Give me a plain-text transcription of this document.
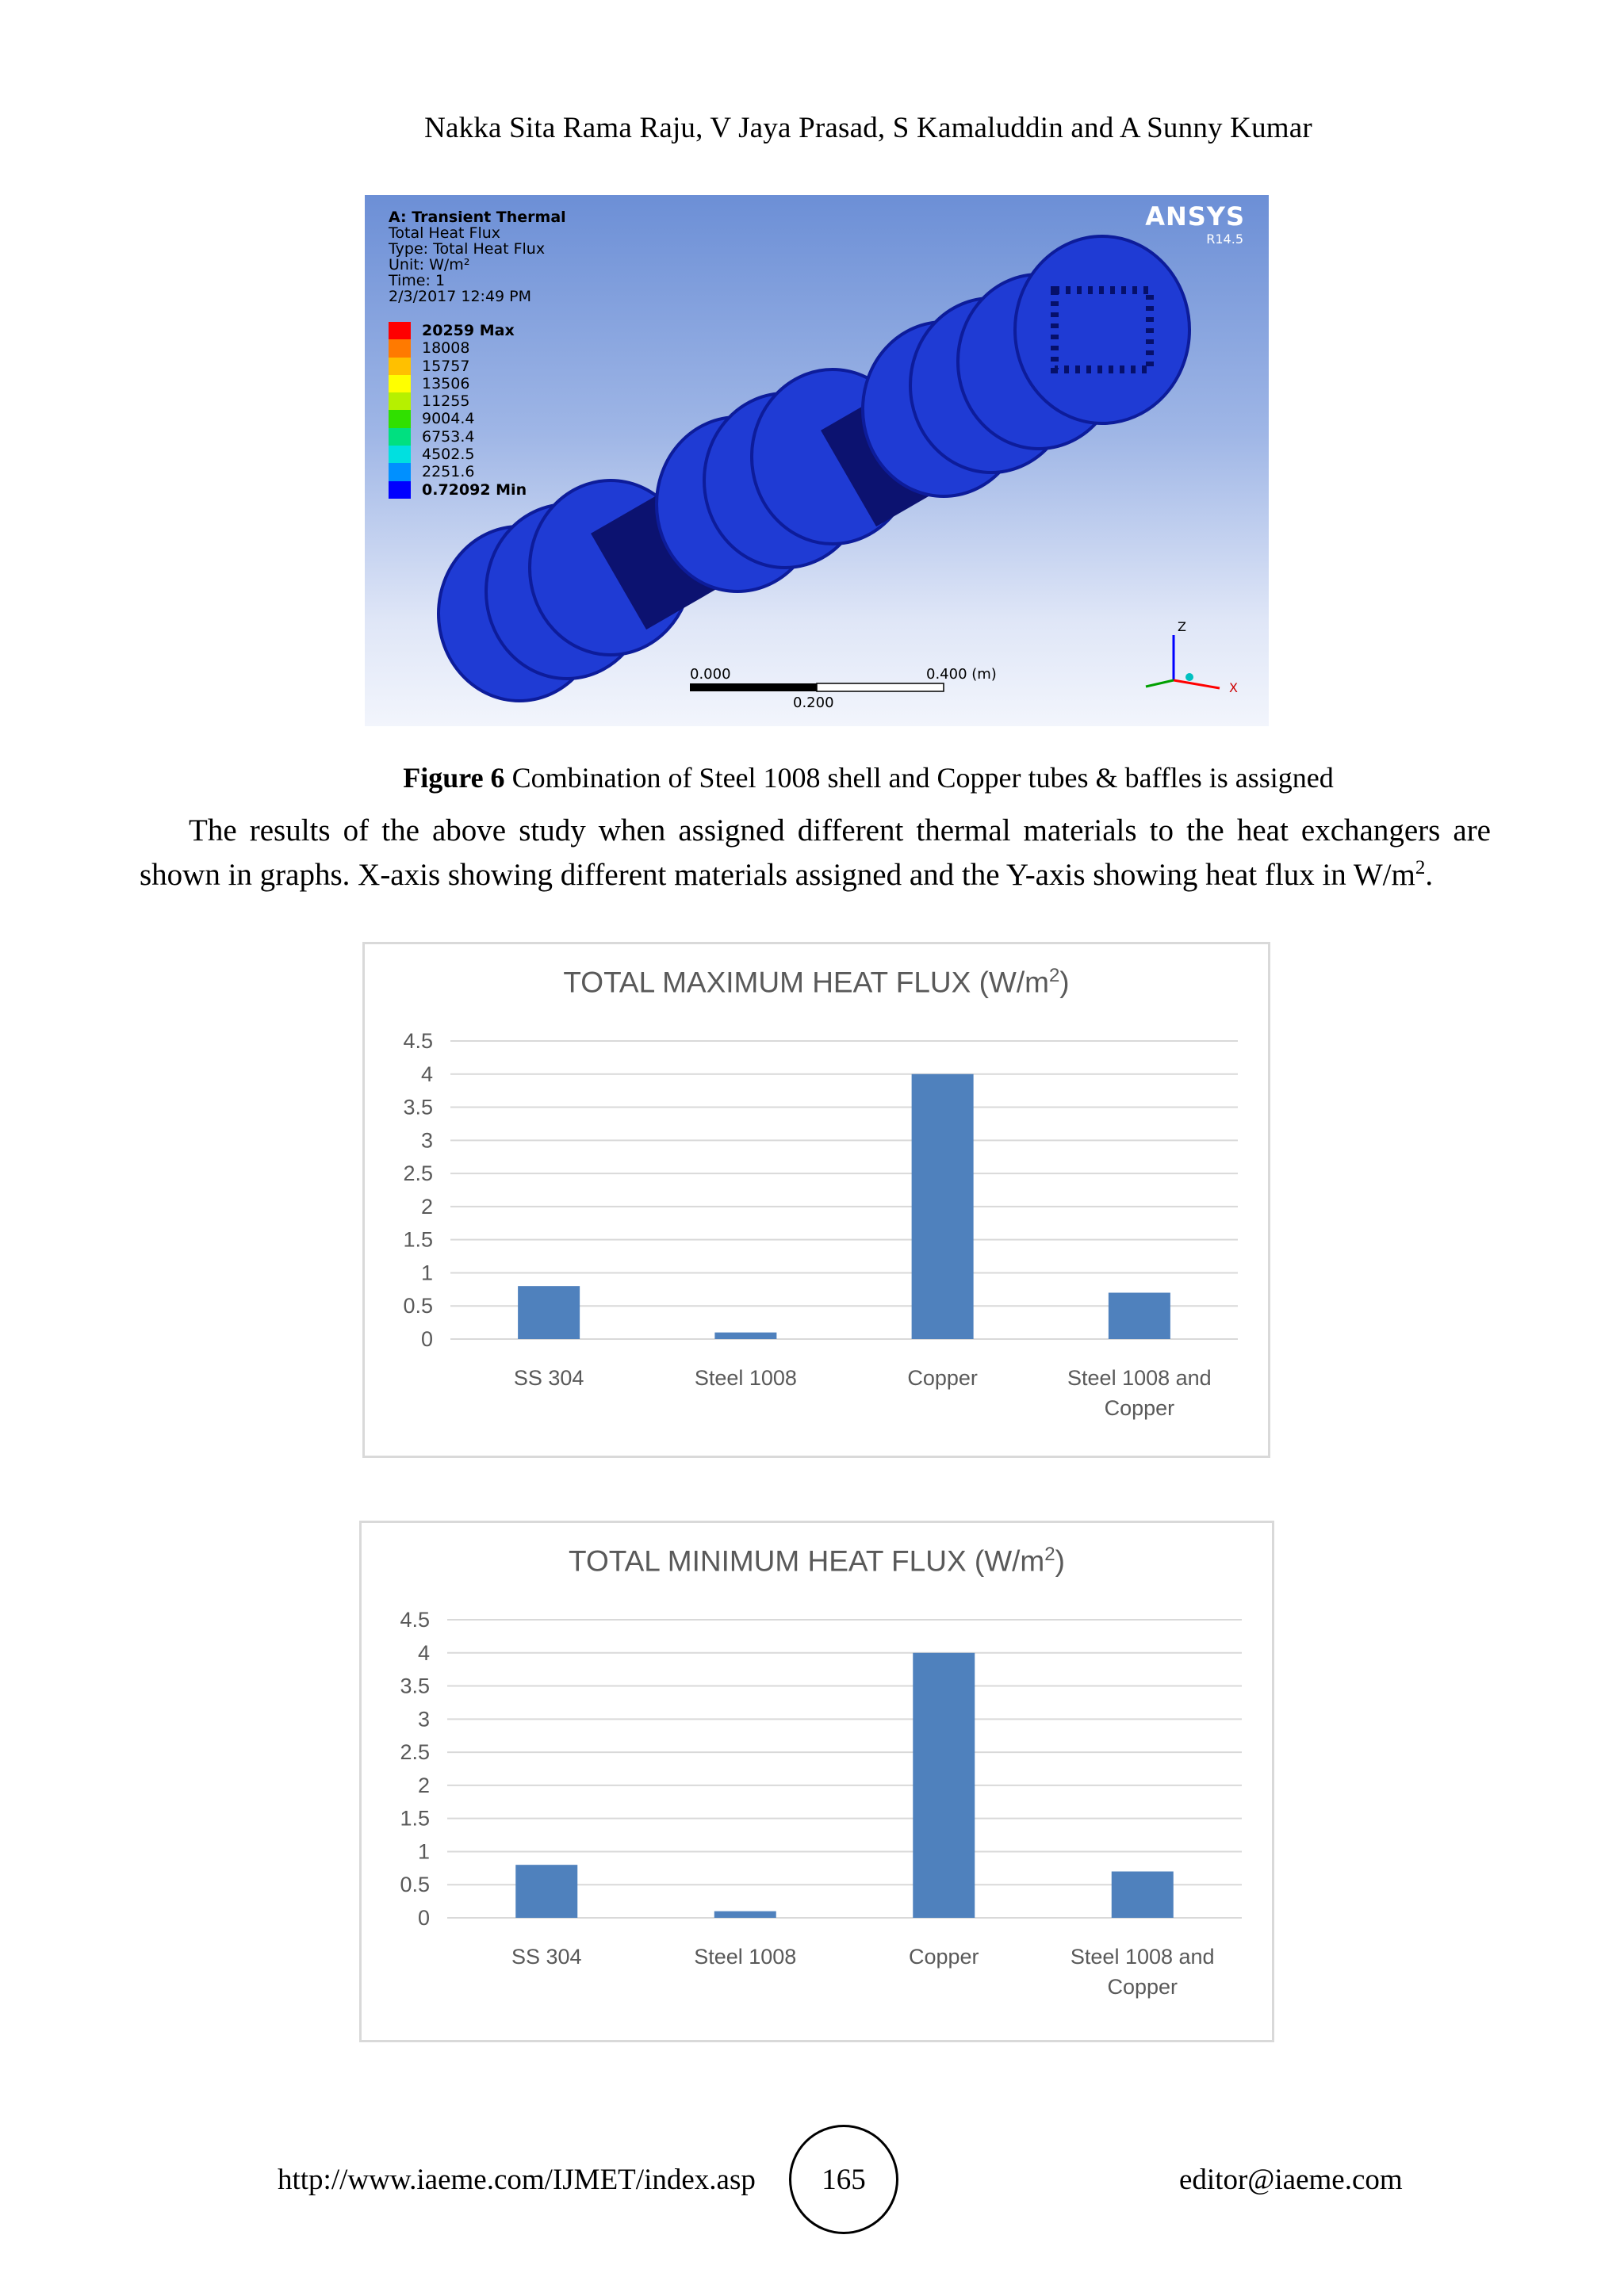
Nakka Sita Rama Raju, V Jaya Prasad, S Kamaluddin and A Sunny Kumar
A: Transient Thermal
Total Heat Flux
Type: Total Heat Flux
Unit: W/m²
Time: 1
2/3/2017 12:49 PM
ANSYS
R14.5
20259 Max
18008
15757
13506
11255
9004.4
6753.4
4502.5
2251.6
0.72092 Min
Z
X
0.000	0.400 (m)
0.200
Figure 6 Combination of Steel 1008 shell and Copper tubes & baffles is assigned
The results of the above study when assigned different thermal materials to the heat exchangers are shown in graphs. X-axis showing different materials assigned and the Y-axis showing heat flux in $W/m^2$.
TOTAL MAXIMUM HEAT FLUX $(W/m^2)$
0
0.5
1
1.5
2
2.5
3
3.5
4
4.5
SS 304	Steel 1008	Copper	Steel 1008 and
Copper
TOTAL MINIMUM HEAT FLUX $(W/m^2)$
0
0.5
1
1.5
2
2.5
3
3.5
4
4.5
SS 304	Steel 1008	Copper	Steel 1008 and
Copper
http://www.iaeme.com/IJMET/index.asp	165	editor@iaeme.com
